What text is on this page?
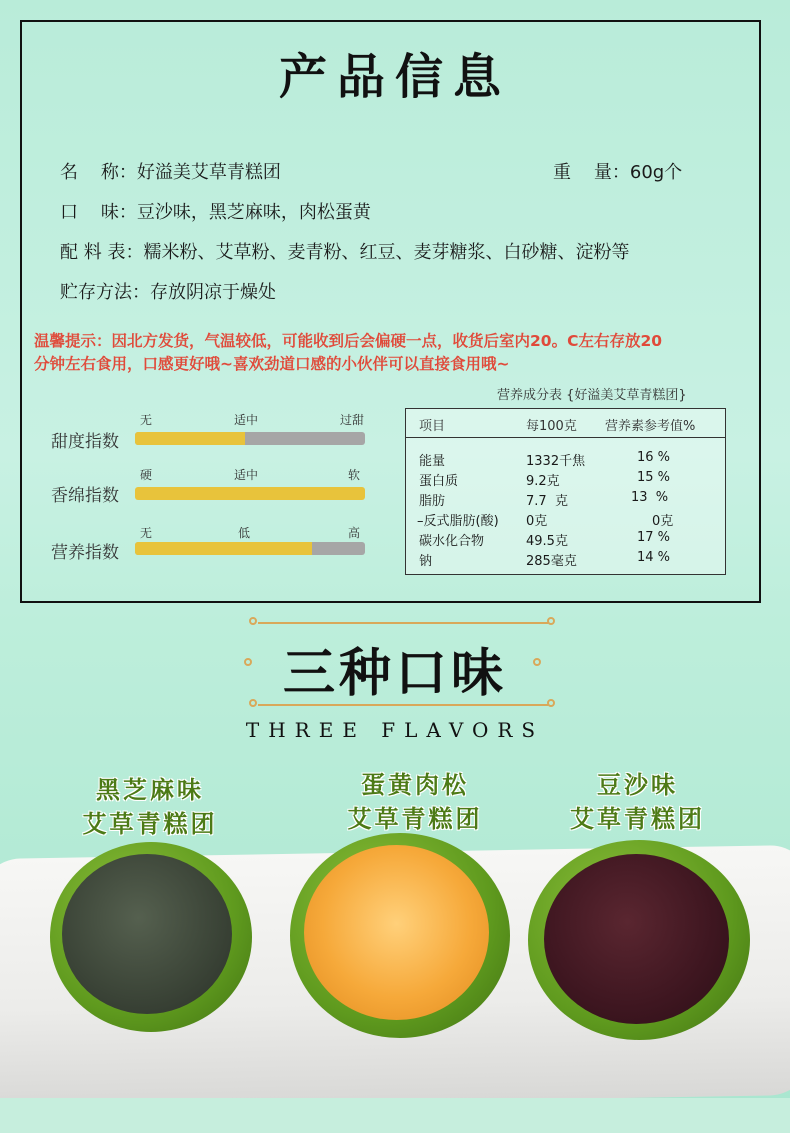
产品信息
名    称：好溢美艾草青糕团	重    量：60g个
口    味：豆沙味，黑芝麻味，肉松蛋黄
配 料 表：糯米粉、艾草粉、麦青粉、红豆、麦芽糖浆、白砂糖、淀粉等
贮存方法：存放阴凉于燥处
温馨提示：因北方发货，气温较低，可能收到后会偏硬一点，收货后室内20。C左右存放20
分钟左右食用，口感更好哦~喜欢劲道口感的小伙伴可以直接食用哦~
无	适中	过甜
甜度指数
硬	适中	软
香绵指数
无	低	高
营养指数
营养成分表 {好溢美艾草青糕团}
项目	每100克 营养素参考值%
能量	1332千焦	16 %
蛋白质	9.2克	15 %
脂肪	7.7  克	13  %
–反式脂肪(酸) 0克	0克
碳水化合物	49.5克	17 %
钠	285毫克	14 %
三种口味
THREE FLAVORS
黑芝麻味
艾草青糕团
蛋黄肉松
艾草青糕团
豆沙味
艾草青糕团
